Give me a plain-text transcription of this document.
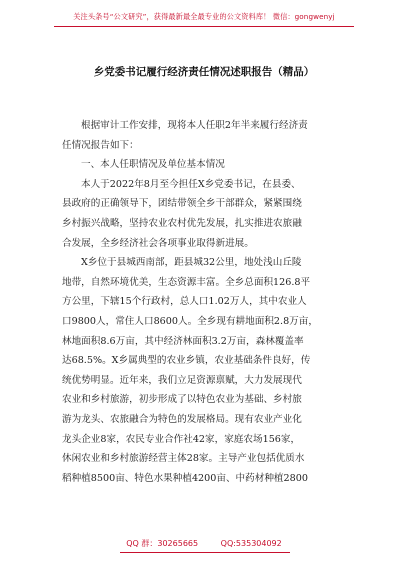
关注头条号“公文研究”，获得最新最全最专业的公文资料库！ 微信：gongwenyj
乡党委书记履行经济责任情况述职报告（精品）
根据审计工作安排，现将本人任职2年半来履行经济责
任情况报告如下：
一、本人任职情况及单位基本情况
本人于2022年8月至今担任X乡党委书记，在县委、
县政府的正确领导下，团结带领全乡干部群众，紧紧围绕
乡村振兴战略，坚持农业农村优先发展，扎实推进农旅融
合发展，全乡经济社会各项事业取得新进展。
X乡位于县城西南部，距县城32公里，地处浅山丘陵
地带，自然环境优美，生态资源丰富。全乡总面积126.8平
方公里，下辖15个行政村，总人口1.02万人，其中农业人
口9800人，常住人口8600人。全乡现有耕地面积2.8万亩，
林地面积8.6万亩，其中经济林面积3.2万亩，森林覆盖率
达68.5%。X乡属典型的农业乡镇，农业基础条件良好，传
统优势明显。近年来，我们立足资源禀赋，大力发展现代
农业和乡村旅游，初步形成了以特色农业为基础、乡村旅
游为龙头、农旅融合为特色的发展格局。现有农业产业化
龙头企业8家，农民专业合作社42家，家庭农场156家，
休闲农业和乡村旅游经营主体28家。主导产业包括优质水
稻种植8500亩、特色水果种植4200亩、中药材种植2800
QQ 群：30265665	QQ:535304092
